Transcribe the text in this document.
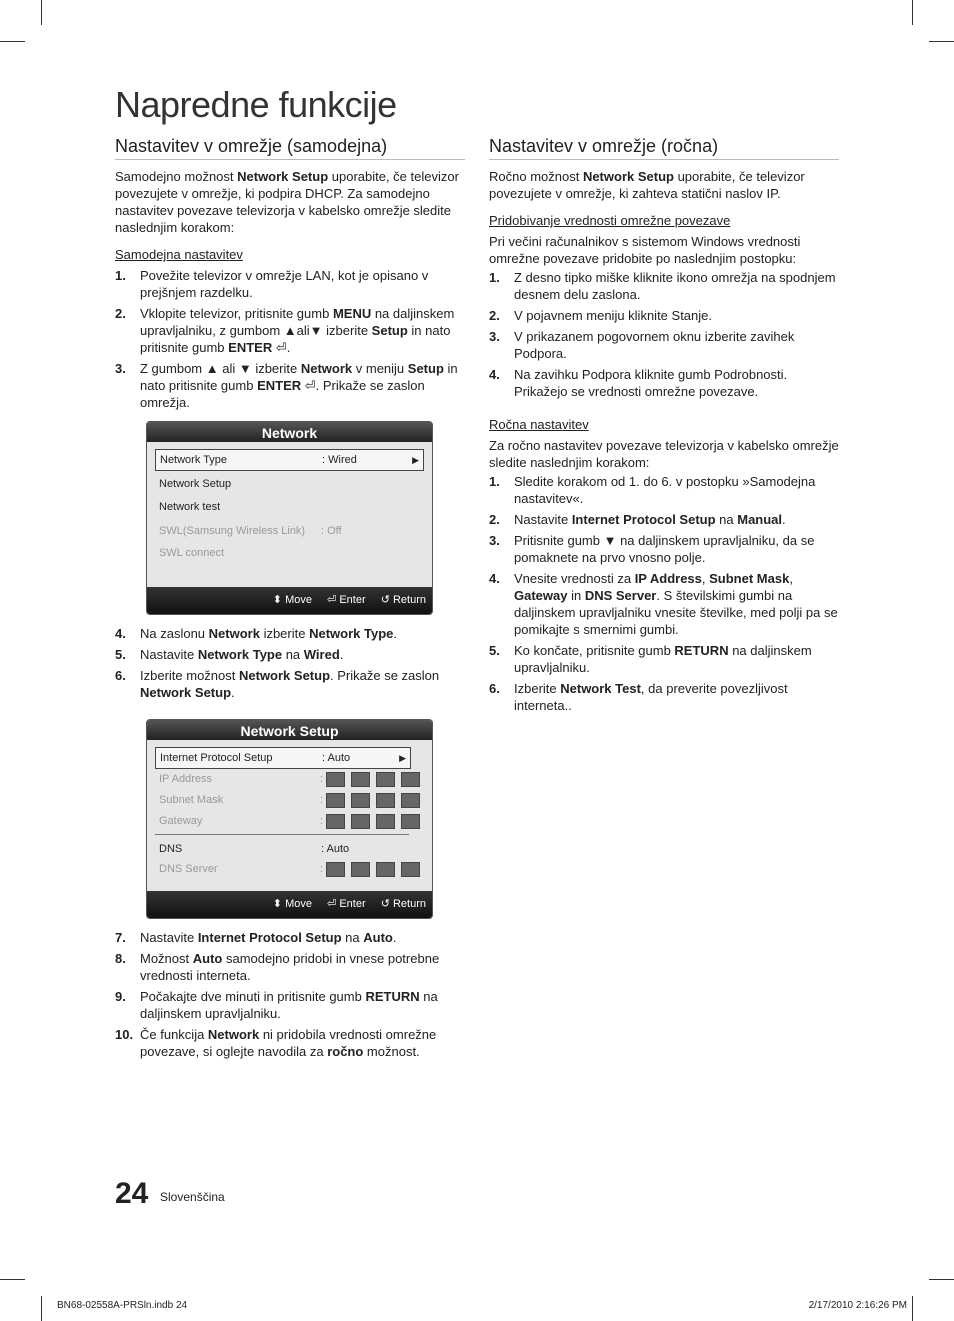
Napredne funkcije
Nastavitev v omrežje (samodejna)

Samodejno možnost Network Setup uporabite, če televizor povezujete v omrežje, ki podpira DHCP. Za samodejno nastavitev povezave televizorja v kabelsko omrežje sledite naslednjim korakom:

Samodejna nastavitev
1. Povežite televizor v omrežje LAN, kot je opisano v prejšnjem razdelku.
2. Vklopite televizor, pritisnite gumb MENU na daljinskem upravljalniku, z gumbom ▲ali▼ izberite Setup in nato pritisnite gumb ENTER ⏎.
3. Z gumbom ▲ ali ▼ izberite Network v meniju Setup in nato pritisnite gumb ENTER ⏎. Prikaže se zaslon omrežja.
Network
Network Type	: Wired	▶
Network Setup
Network test
SWL(Samsung Wireless Link)	: Off
SWL connect
⬍ Move ⏎ Enter ↺ Return
4. Na zaslonu Network izberite Network Type.
5. Nastavite Network Type na Wired.
6. Izberite možnost Network Setup. Prikaže se zaslon Network Setup.
Network Setup
Internet Protocol Setup	: Auto	▶
IP Address	:
Subnet Mask	:
Gateway	:
DNS	: Auto
DNS Server	:
⬍ Move ⏎ Enter ↺ Return
7. Nastavite Internet Protocol Setup na Auto.
8. Možnost Auto samodejno pridobi in vnese potrebne vrednosti interneta.
9. Počakajte dve minuti in pritisnite gumb RETURN na daljinskem upravljalniku.
10. Če funkcija Network ni pridobila vrednosti omrežne povezave, si oglejte navodila za ročno možnost.
Nastavitev v omrežje (ročna)

Ročno možnost Network Setup uporabite, če televizor povezujete v omrežje, ki zahteva statični naslov IP.

Pridobivanje vrednosti omrežne povezave

Pri večini računalnikov s sistemom Windows vrednosti omrežne povezave pridobite po naslednjim postopku:

1. Z desno tipko miške kliknite ikono omrežja na spodnjem desnem delu zaslona.
2. V pojavnem meniju kliknite Stanje.
3. V prikazanem pogovornem oknu izberite zavihek Podpora.
4. Na zavihku Podpora kliknite gumb Podrobnosti. Prikažejo se vrednosti omrežne povezave.
Ročna nastavitev

Za ročno nastavitev povezave televizorja v kabelsko omrežje sledite naslednjim korakom:

1. Sledite korakom od 1. do 6. v postopku »Samodejna nastavitev«.
2. Nastavite Internet Protocol Setup na Manual.
3. Pritisnite gumb ▼ na daljinskem upravljalniku, da se pomaknete na prvo vnosno polje.
4. Vnesite vrednosti za IP Address, Subnet Mask, Gateway in DNS Server. S številskimi gumbi na daljinskem upravljalniku vnesite številke, med polji pa se pomikajte s smernimi gumbi.
5. Ko končate, pritisnite gumb RETURN na daljinskem upravljalniku.
6. Izberite Network Test, da preverite povezljivost interneta..
24 Slovenščina
BN68-02558A-PRSln.indb 24	2/17/2010 2:16:26 PM
